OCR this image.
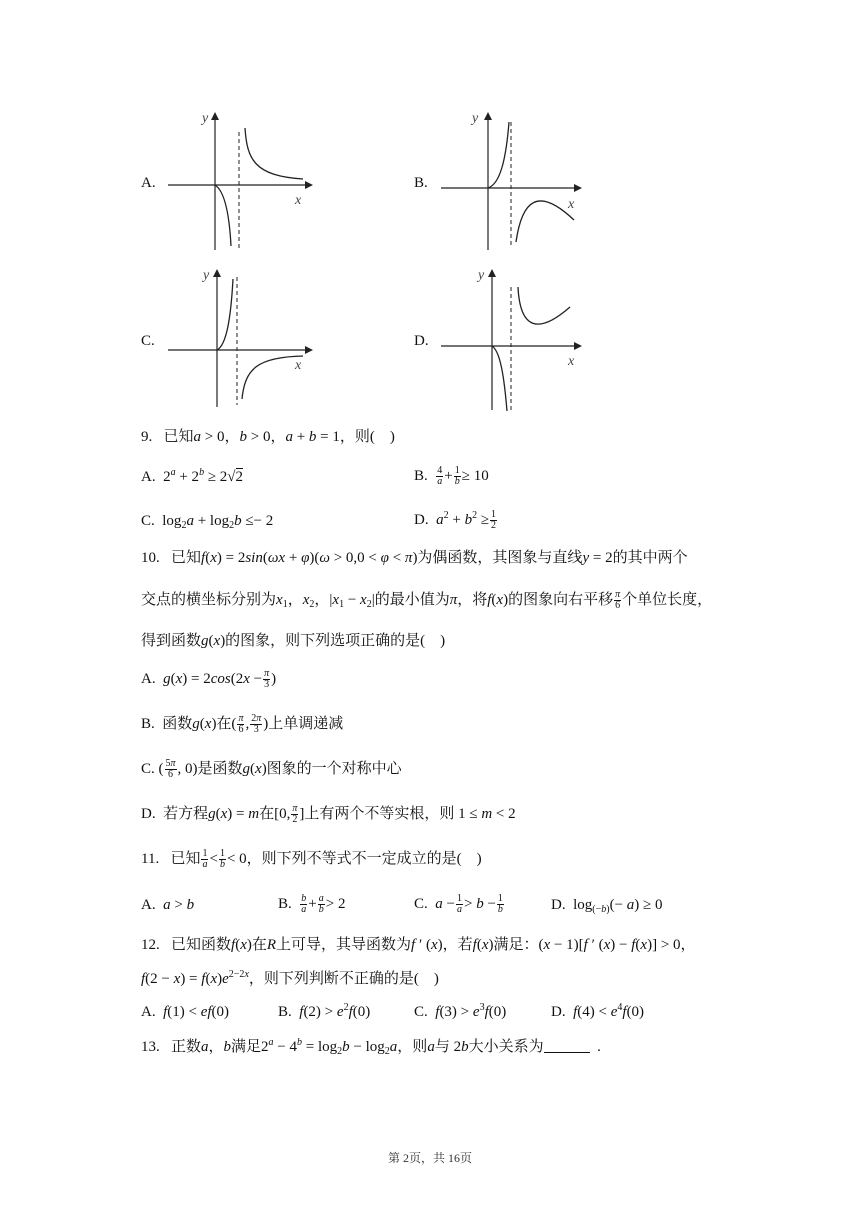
A.
y
x
B.
y
x
C.
y
x
D.
y
x
9.   已知a > 0，b > 0，a + b = 1，则(    )
A.  $2^a + 2^b \ge 2√2$	B. $\frac{4}{a} + \frac{1}{b} \ge 10$
C.  $\log_2a + \log_2b \le- 2$	D.  $a^2 + b^2 \ge \frac{1}{2}$
10.   已知f(x) = 2sin(ωx + φ)(ω > 0,0 < φ < π)为偶函数，其图象与直线y = 2的其中两个
交点的横坐标分别为$x_1$，$x_2$，$|x_1 - x_2|$的最小值为π，将f(x)的图象向右平移 $\frac{\pi}{6}$ 个单位长度，
得到函数g(x)的图象，则下列选项正确的是(    )
A.  $g(x) = 2\cos(2x - \frac{\pi}{3}$ )
B.  函数g(x)在( $\frac{\pi}{6}$ , $\frac{2\pi}{3}$ )上单调递减
C. ( $\frac{5\pi}{6}$ , 0)是函数g(x)图象的一个对称中心
D.  若方程g(x) = m在[0, $\frac{\pi}{2}$ ]上有两个不等实根，则 1 ≤ m < 2
11.   已知 $\frac{1}{a} < \frac{1}{b} < 0$，则下列不等式不一定成立的是(    )
A.  a > b	B. $\frac{b}{a} + \frac{a}{b} > 2$	C.  $a - \frac{1}{a} > b - \frac{1}{b}$	D.  $\log_{(-b)}(- a) \ge 0$
12.   已知函数f(x)在R上可导，其导函数为f ′ (x)，若f(x)满足：(x − 1)[f ′ (x) − f(x)] > 0，
$f(2 - x) = f(x)e^{2-2x}$，则下列判断不正确的是(    )
A.  f(1) < ef(0)	B.  $f(2) > e^2f(0)$	C.  $f(3) > e^3f(0)$	D.  $f(4) < e^4f(0)$
13.   正数a，b满足$2^a - 4^b = \log_2b - \log_2a$，则a与 2b大小关系为	.
第 2页，共 16页
